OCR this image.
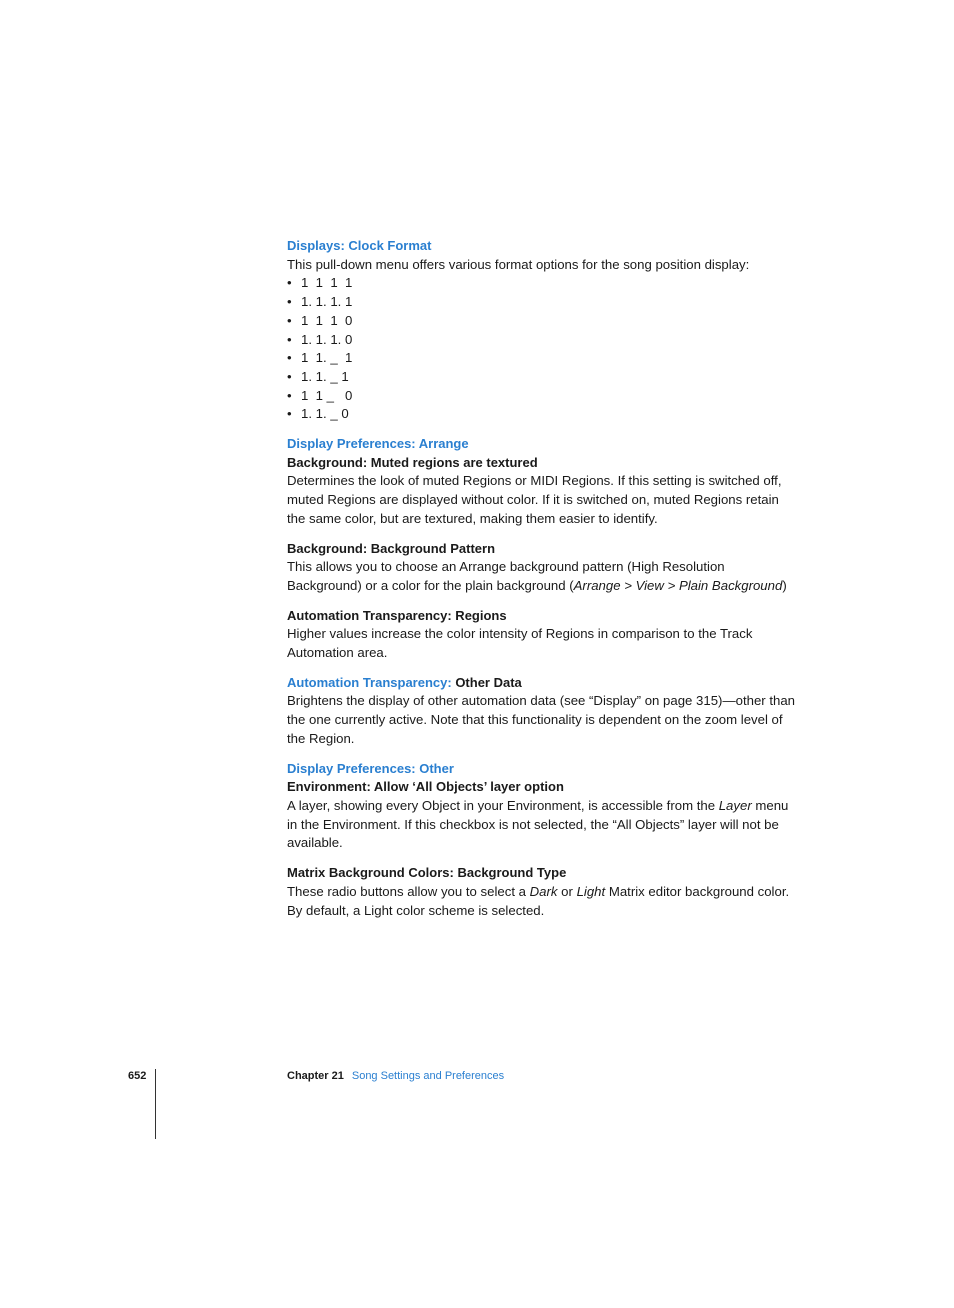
Displays: Clock Format

This pull-down menu offers various format options for the song position display:

• 1  1  1  1
• 1. 1. 1. 1
• 1  1  1  0
• 1. 1. 1. 0
• 1  1. _  1
• 1. 1. _ 1
• 1  1 _   0
• 1. 1. _ 0
Display Preferences: Arrange
Background: Muted regions are textured

Determines the look of muted Regions or MIDI Regions. If this setting is switched off, muted Regions are displayed without color. If it is switched on, muted Regions retain the same color, but are textured, making them easier to identify.

Background: Background Pattern

This allows you to choose an Arrange background pattern (High Resolution Background) or a color for the plain background (Arrange > View > Plain Background)

Automation Transparency: Regions

Higher values increase the color intensity of Regions in comparison to the Track Automation area.

Automation Transparency: Other Data

Brightens the display of other automation data (see “Display” on page 315)—other than the one currently active. Note that this functionality is dependent on the zoom level of the Region.

Display Preferences: Other
Environment: Allow ‘All Objects’ layer option

A layer, showing every Object in your Environment, is accessible from the Layer menu in the Environment. If this checkbox is not selected, the “All Objects” layer will not be available.

Matrix Background Colors: Background Type

These radio buttons allow you to select a Dark or Light Matrix editor background color. By default, a Light color scheme is selected.

652	Chapter 21 Song Settings and Preferences
